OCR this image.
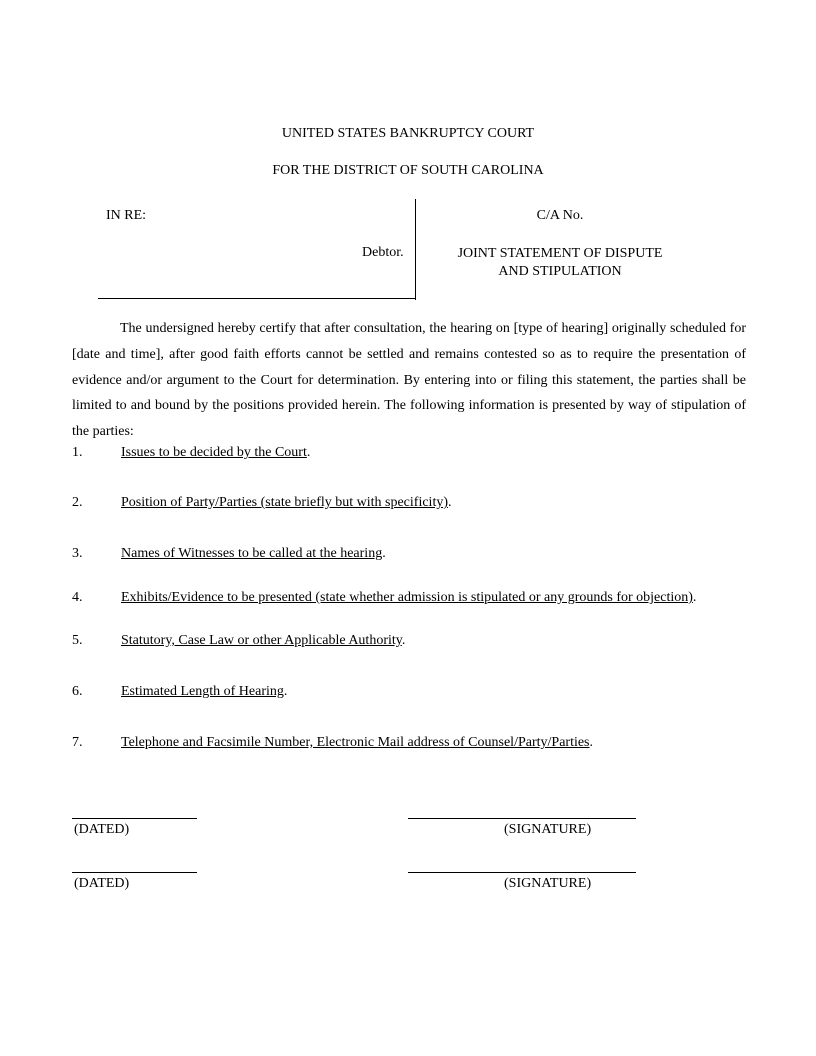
UNITED STATES BANKRUPTCY COURT
FOR THE DISTRICT OF SOUTH CAROLINA
IN RE:
Debtor.
C/A No.
JOINT STATEMENT OF DISPUTE
AND STIPULATION
The undersigned hereby certify that after consultation, the hearing on [type of hearing] originally scheduled for [date and time], after good faith efforts cannot be settled and remains contested so as to require the presentation of evidence and/or argument to the Court for determination. By entering into or filing this statement, the parties shall be limited to and bound by the positions provided herein. The following information is presented by way of stipulation of the parties:
1.	Issues to be decided by the Court.
2.	Position of Party/Parties (state briefly but with specificity).
3.	Names of Witnesses to be called at the hearing.
4.	Exhibits/Evidence to be presented (state whether admission is stipulated or any grounds for objection).
5.	Statutory, Case Law or other Applicable Authority.
6.	Estimated Length of Hearing.
7.	Telephone and Facsimile Number, Electronic Mail address of Counsel/Party/Parties.
(DATED)	(SIGNATURE)
(DATED)	(SIGNATURE)
